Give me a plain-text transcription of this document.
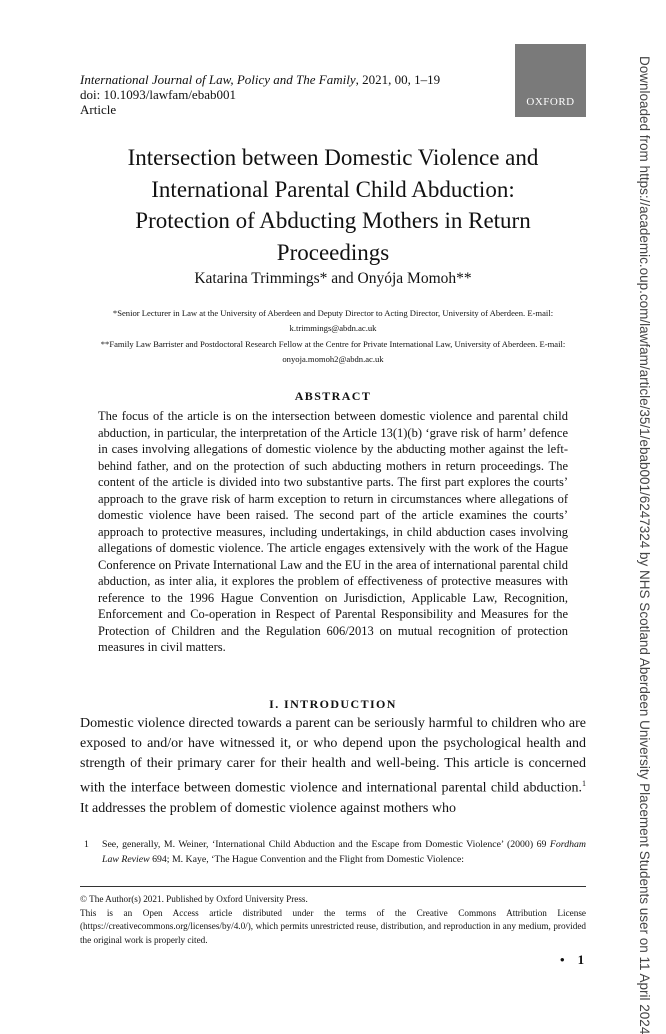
International Journal of Law, Policy and The Family, 2021, 00, 1–19
doi: 10.1093/lawfam/ebab001
Article	OXFORD
Intersection between Domestic Violence and
International Parental Child Abduction:
Protection of Abducting Mothers in Return
Proceedings
Katarina Trimmings* and Onyója Momoh**
*Senior Lecturer in Law at the University of Aberdeen and Deputy Director to Acting Director, University of Aberdeen. E-mail: k.trimmings@abdn.ac.uk
**Family Law Barrister and Postdoctoral Research Fellow at the Centre for Private International Law, University of Aberdeen. E-mail: onyoja.momoh2@abdn.ac.uk
ABSTRACT

The focus of the article is on the intersection between domestic violence and parental child abduction, in particular, the interpretation of the Article 13(1)(b) ‘grave risk of harm’ defence in cases involving allegations of domestic violence by the abducting mother against the left-behind father, and on the protection of such abducting mothers in return proceedings. The content of the article is divided into two substantive parts. The first part explores the courts’ approach to the grave risk of harm exception to return in circumstances where allegations of domestic violence have been raised. The second part of the article examines the courts’ approach to protective measures, including undertakings, in child abduction cases involving allegations of domestic violence. The article engages extensively with the work of the Hague Conference on Private International Law and the EU in the area of international parental child abduction, as inter alia, it explores the problem of effectiveness of protective measures with reference to the 1996 Hague Convention on Jurisdiction, Applicable Law, Recognition, Enforcement and Co-operation in Respect of Parental Responsibility and Measures for the Protection of Children and the Regulation 606/2013 on mutual recognition of protection measures in civil matters.

I. INTRODUCTION

Domestic violence directed towards a parent can be seriously harmful to children who are exposed to and/or have witnessed it, or who depend upon the psychological health and strength of their primary carer for their health and well-being. This article is concerned with the interface between domestic violence and international parental child abduction.$^1$ It addresses the problem of domestic violence against mothers who

1 See, generally, M. Weiner, ‘International Child Abduction and the Escape from Domestic Violence’ (2000) 69 Fordham Law Review 694; M. Kaye, ‘The Hague Convention and the Flight from Domestic Violence:
© The Author(s) 2021. Published by Oxford University Press.
This is an Open Access article distributed under the terms of the Creative Commons Attribution License (https://creativecommons.org/licenses/by/4.0/), which permits unrestricted reuse, distribution, and reproduction in any medium, provided the original work is properly cited.
• 1	Downloaded from https://academic.oup.com/lawfam/article/35/1/ebab001/6247324 by NHS Scotland Aberdeen University Placement Students user on 11 April 2024
